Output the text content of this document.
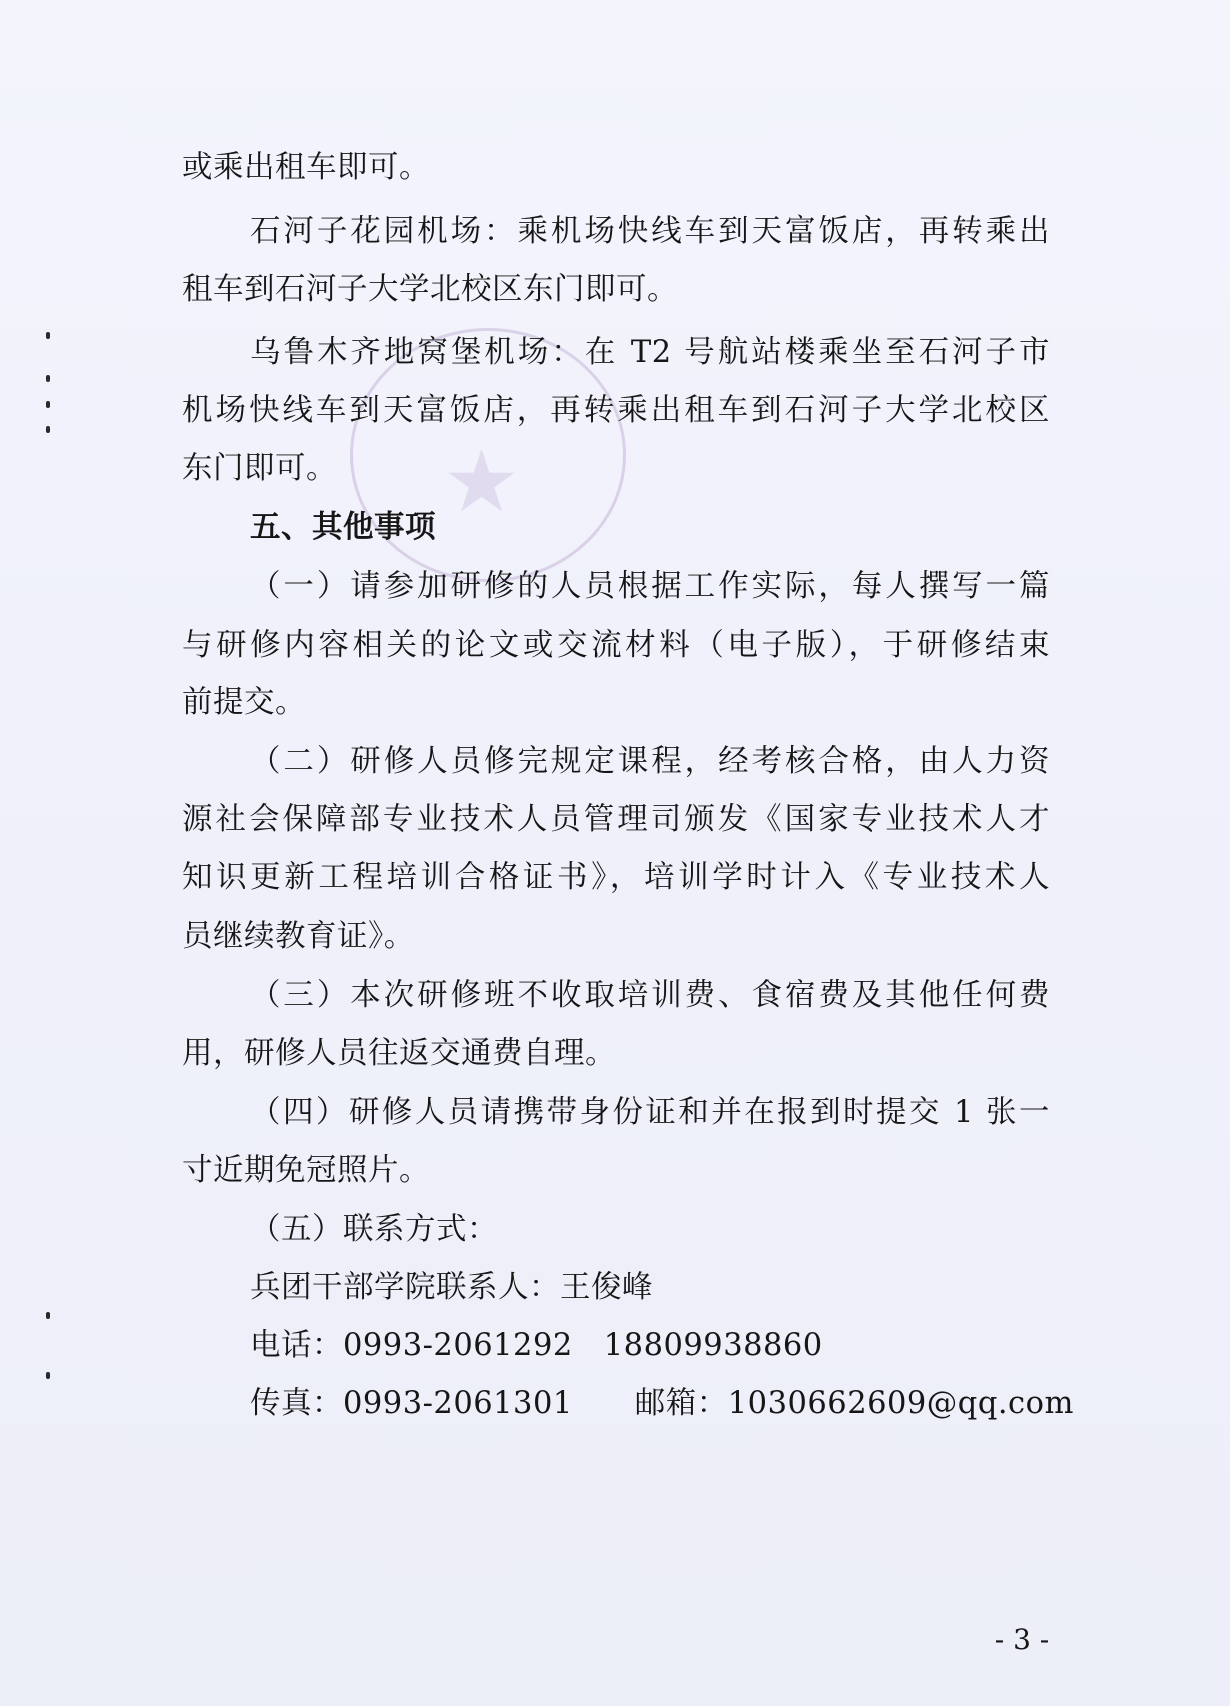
★

或乘出租车即可。

石河子花园机场：乘机场快线车到天富饭店，再转乘出

租车到石河子大学北校区东门即可。

乌鲁木齐地窝堡机场：在 T2 号航站楼乘坐至石河子市

机场快线车到天富饭店，再转乘出租车到石河子大学北校区

东门即可。

五、其他事项

（一）请参加研修的人员根据工作实际，每人撰写一篇

与研修内容相关的论文或交流材料（电子版），于研修结束

前提交。

（二）研修人员修完规定课程，经考核合格，由人力资

源社会保障部专业技术人员管理司颁发《国家专业技术人才

知识更新工程培训合格证书》，培训学时计入《专业技术人

员继续教育证》。

（三）本次研修班不收取培训费、食宿费及其他任何费

用，研修人员往返交通费自理。

（四）研修人员请携带身份证和并在报到时提交 1 张一

寸近期免冠照片。

（五）联系方式：

兵团干部学院联系人：王俊峰

电话：0993-2061292　18809938860

传真：0993-2061301　　邮箱：1030662609@qq.com

- 3 -
